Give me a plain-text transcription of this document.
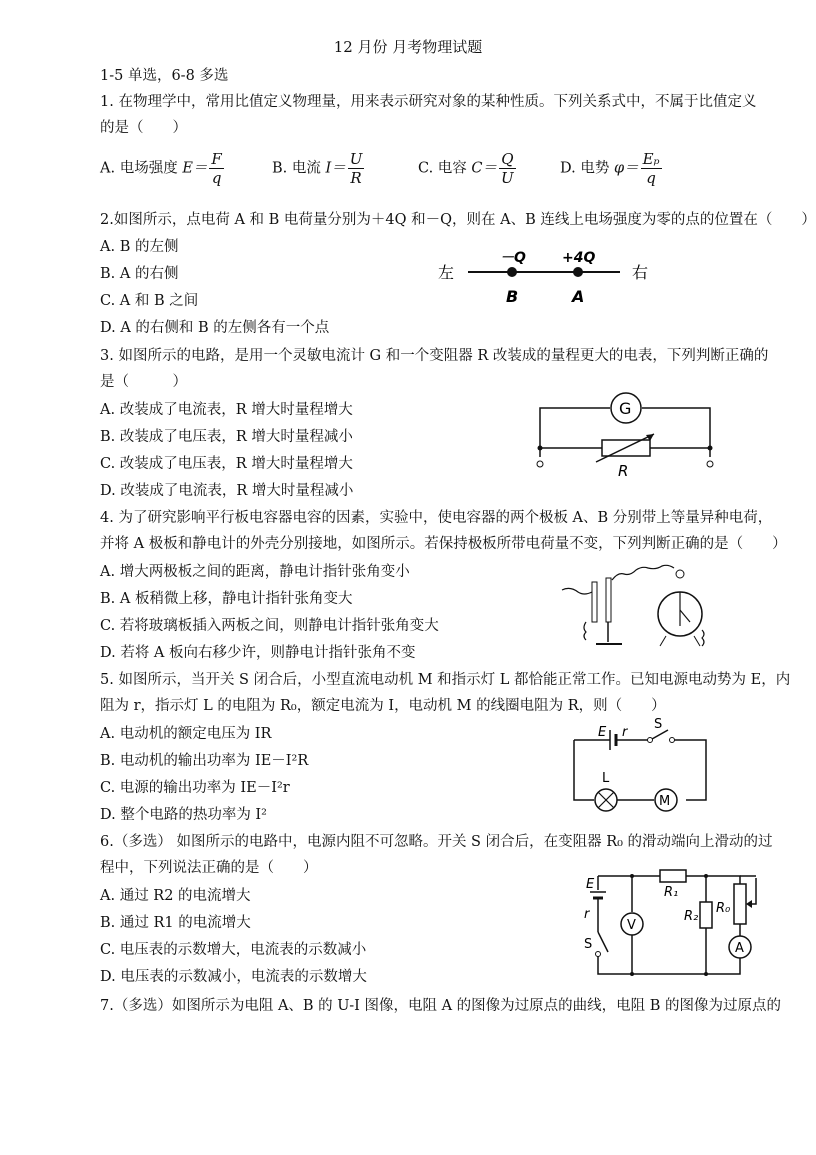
12 月份 月考物理试题
1-5 单选，6-8 多选
1. 在物理学中，常用比值定义物理量，用来表示研究对象的某种性质。下列关系式中，不属于比值定义
的是（　　）
A. 电场强度 $E= \frac{F}{q}$	B. 电流 $I= \frac{U}{R}$	C. 电容 $C= \frac{Q}{U}$	D. 电势 $\varphi= \frac{\text{Eₚ}}{q}$
2.如图所示，点电荷 A 和 B 电荷量分别为＋4Q 和－Q，则在 A、B 连线上电场强度为零的点的位置在（　　）
A. B 的左侧
B. A 的右侧
C. A 和 B 之间
D. A 的右侧和 B 的左侧各有一个点
左	右
－Q	+4Q
B	A
3. 如图所示的电路，是用一个灵敏电流计 G 和一个变阻器 R 改装成的量程更大的电表，下列判断正确的
是（　　　）
A. 改装成了电流表，R 增大时量程增大
B. 改装成了电压表，R 增大时量程减小
C. 改装成了电压表，R 增大时量程增大
D. 改装成了电流表，R 增大时量程减小
G
R
4. 为了研究影响平行板电容器电容的因素，实验中，使电容器的两个极板 A、B 分别带上等量异种电荷，
并将 A 极板和静电计的外壳分别接地，如图所示。若保持极板所带电荷量不变，下列判断正确的是（　　）
A. 增大两极板之间的距离，静电计指针张角变小
B. A 板稍微上移，静电计指针张角变大
C. 若将玻璃板插入两板之间，则静电计指针张角变大
D. 若将 A 板向右移少许，则静电计指针张角不变
5. 如图所示，当开关 S 闭合后，小型直流电动机 M 和指示灯 L 都恰能正常工作。已知电源电动势为 E，内
阻为 r，指示灯 L 的电阻为 R₀，额定电流为 I，电动机 M 的线圈电阻为 R，则（　　）
A. 电动机的额定电压为 IR
B. 电动机的输出功率为 IE－I²R
C. 电源的输出功率为 IE－I²r
D. 整个电路的热功率为 I²
M
L
E r
S
6.（多选） 如图所示的电路中，电源内阻不可忽略。开关 S 闭合后，在变阻器 R₀ 的滑动端向上滑动的过
程中，下列说法正确的是（　　）
A. 通过 R2 的电流增大
B. 通过 R1 的电流增大
C. 电压表的示数增大，电流表的示数减小
D. 电压表的示数减小，电流表的示数增大
V
A
E
r
S
R₁
R₂
R₀
7.（多选）如图所示为电阻 A、B 的 U-I 图像，电阻 A 的图像为过原点的曲线，电阻 B 的图像为过原点的
